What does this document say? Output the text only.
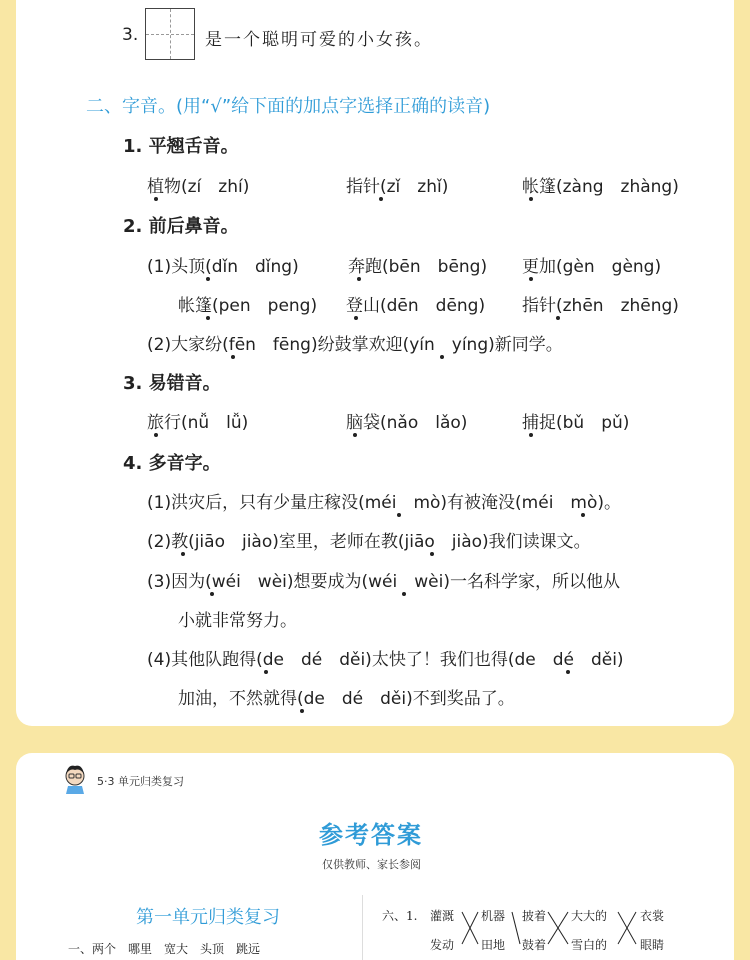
3.	是一个聪明可爱的小女孩。
二、字音。(用“√”给下面的加点字选择正确的读音)
1. 平翘舌音。
植物(zí　zhí)	指针(zǐ　zhǐ)	帐篷(zàng　zhàng)
2. 前后鼻音。
(1)头顶(dǐn　dǐng)	奔跑(bēn　bēng) 更加(gèn　gèng)
帐篷(pen　peng) 登山(dēn　dēng) 指针(zhēn　zhēng)
(2)大家纷(fēn　fēng)纷鼓掌欢迎(yín　yíng)新同学。
3. 易错音。
旅行(nǚ　lǚ)	脑袋(nǎo　lǎo)	捕捉(bǔ　pǔ)
4. 多音字。
(1)洪灾后，只有少量庄稼没(méi　mò)有被淹没(méi　mò)。
(2)教(jiāo　jiào)室里，老师在教(jiāo　jiào)我们读课文。
(3)因为(wéi　wèi)想要成为(wéi　wèi)一名科学家，所以他从
小就非常努力。
(4)其他队跑得(de　dé　děi)太快了！我们也得(de　dé　děi)
加油，不然就得(de　dé　děi)不到奖品了。
5·3 单元归类复习
参考答案
仅供教师、家长参阅
第一单元归类复习
一、两个　哪里　宽大　头顶　跳远
六、1. 灌溉
发动
机器
田地
披着
鼓着
大大的
雪白的
衣裳
眼睛
